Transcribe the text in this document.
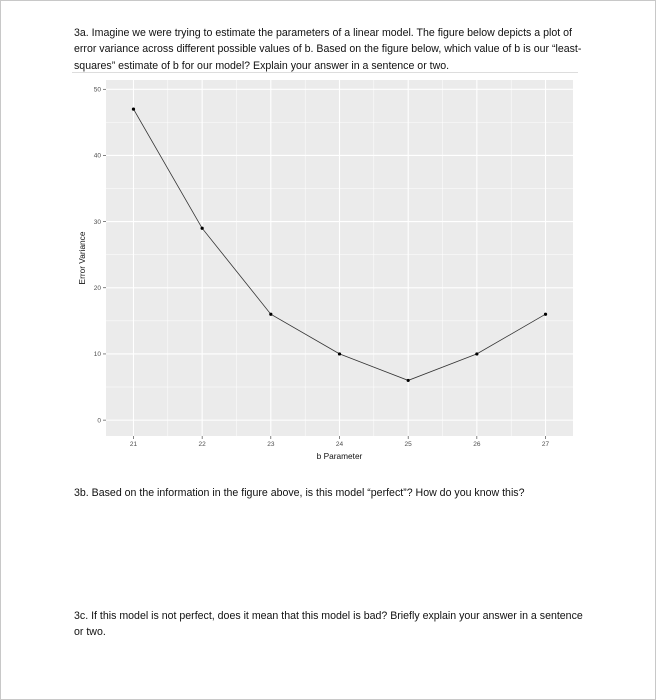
3a. Imagine we were trying to estimate the parameters of a linear model. The figure below depicts a plot of error variance across different possible values of b. Based on the figure below, which value of b is our “least-squares” estimate of b for our model? Explain your answer in a sentence or two.

21	22	23	24	25	26	27
0
10
20
30
40
50
b Parameter
Error Variance

3b. Based on the information in the figure above, is this model “perfect”? How do you know this?

3c. If this model is not perfect, does it mean that this model is bad? Briefly explain your answer in a sentence or two.
